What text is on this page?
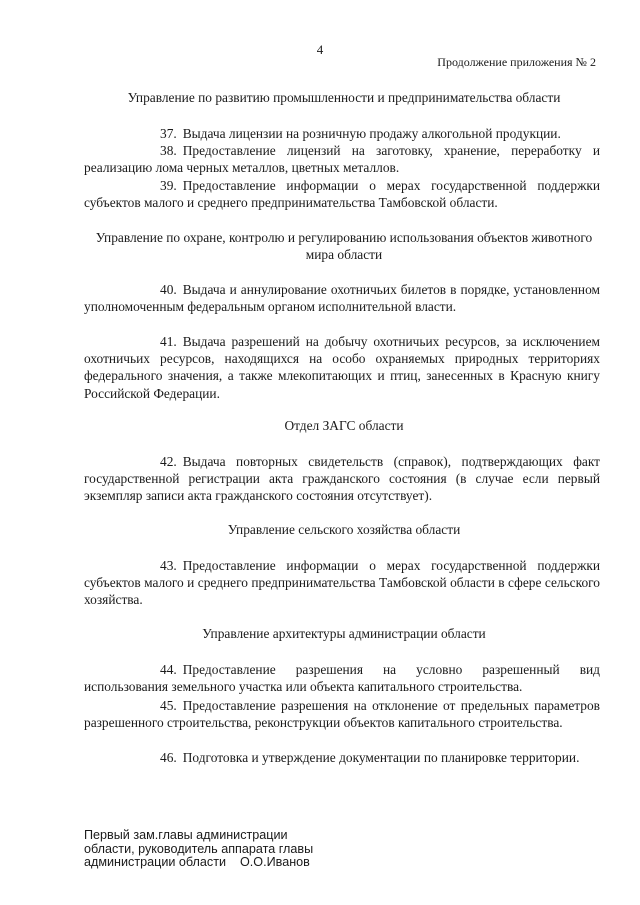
4
Продолжение приложения № 2
Управление по развитию промышленности и предпринимательства области
37. Выдача лицензии на розничную продажу алкогольной продукции.
38. Предоставление лицензий на заготовку, хранение, переработку и реализацию лома черных металлов, цветных металлов.
39. Предоставление информации о мерах государственной поддержки субъектов малого и среднего предпринимательства Тамбовской области.
Управление по охране, контролю и регулированию использования объектов животного мира области
40. Выдача и аннулирование охотничьих билетов в порядке, установленном уполномоченным федеральным органом исполнительной власти.
41. Выдача разрешений на добычу охотничьих ресурсов, за исключением охотничьих ресурсов, находящихся на особо охраняемых природных территориях федерального значения, а также млекопитающих и птиц, занесенных в Красную книгу Российской Федерации.
Отдел ЗАГС области
42. Выдача повторных свидетельств (справок), подтверждающих факт государственной регистрации акта гражданского состояния (в случае если первый экземпляр записи акта гражданского состояния отсутствует).
Управление сельского хозяйства области
43. Предоставление информации о мерах государственной поддержки субъектов малого и среднего предпринимательства Тамбовской области в сфере сельского хозяйства.
Управление архитектуры администрации области
44. Предоставление разрешения на условно разрешенный вид использования земельного участка или объекта капитального строительства.
45. Предоставление разрешения на отклонение от предельных параметров разрешенного строительства, реконструкции объектов капитального строительства.
46. Подготовка и утверждение документации по планировке территории.
Первый зам.главы администрации
области, руководитель аппарата главы
администрации области О.О.Иванов
